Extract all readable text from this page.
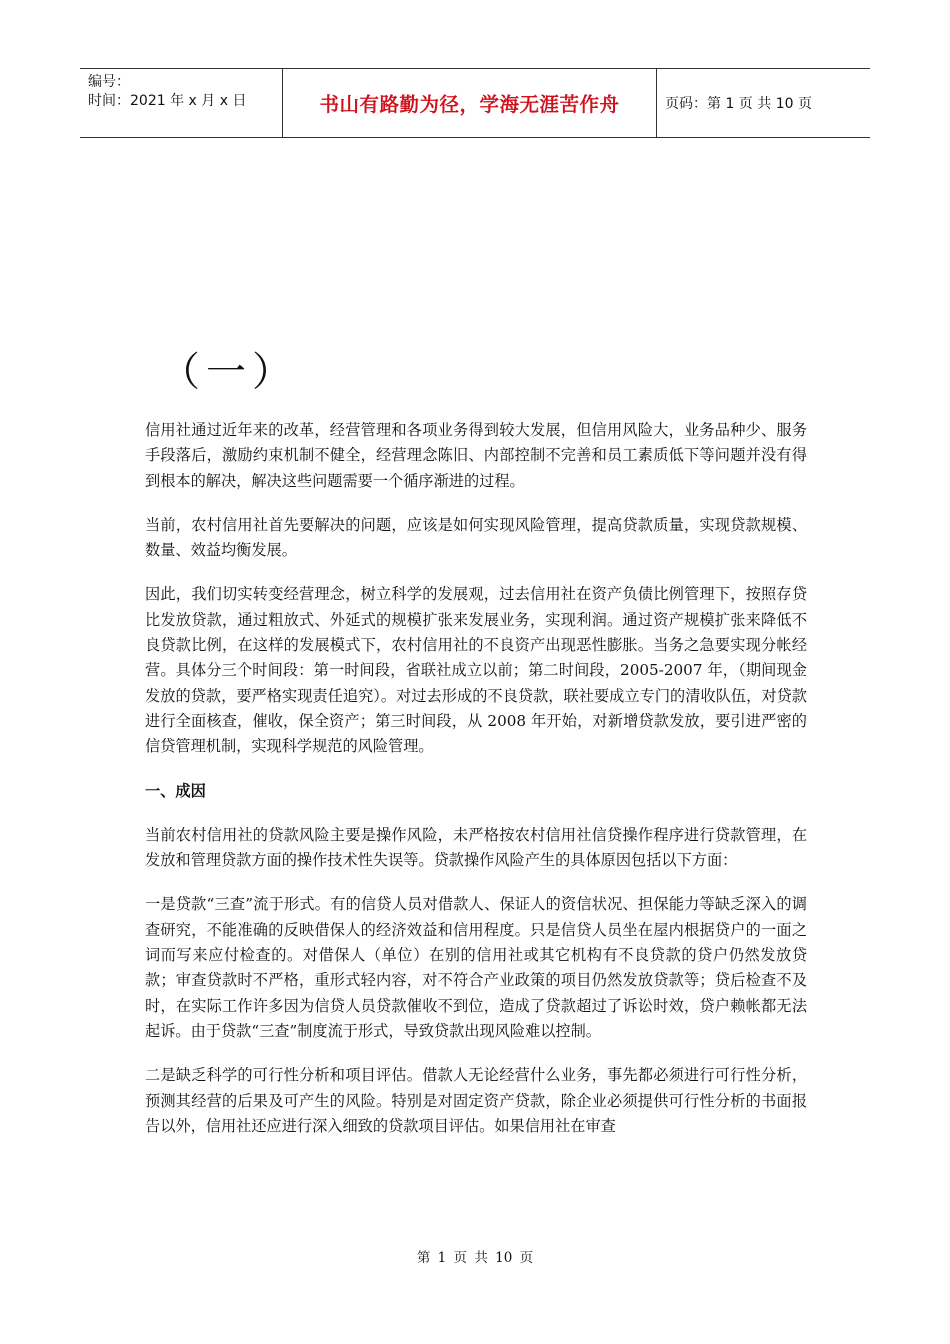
编号：
时间：2021 年 x 月 x 日	书山有路勤为径，学海无涯苦作舟	页码：第 1 页 共 10 页
（一）

信用社通过近年来的改革，经营管理和各项业务得到较大发展，但信用风险大，业务品种少、服务手段落后，激励约束机制不健全，经营理念陈旧、内部控制不完善和员工素质低下等问题并没有得到根本的解决，解决这些问题需要一个循序渐进的过程。

当前，农村信用社首先要解决的问题，应该是如何实现风险管理，提高贷款质量，实现贷款规模、数量、效益均衡发展。

因此，我们切实转变经营理念，树立科学的发展观，过去信用社在资产负债比例管理下，按照存贷比发放贷款，通过粗放式、外延式的规模扩张来发展业务，实现利润。通过资产规模扩张来降低不良贷款比例，在这样的发展模式下，农村信用社的不良资产出现恶性膨胀。当务之急要实现分帐经营。具体分三个时间段：第一时间段，省联社成立以前；第二时间段，2005-2007 年，（期间现金发放的贷款，要严格实现责任追究）。对过去形成的不良贷款，联社要成立专门的清收队伍，对贷款进行全面核查，催收，保全资产；第三时间段，从 2008 年开始，对新增贷款发放，要引进严密的信贷管理机制，实现科学规范的风险管理。

一、成因

当前农村信用社的贷款风险主要是操作风险，未严格按农村信用社信贷操作程序进行贷款管理，在发放和管理贷款方面的操作技术性失误等。贷款操作风险产生的具体原因包括以下方面：

一是贷款“三查”流于形式。有的信贷人员对借款人、保证人的资信状况、担保能力等缺乏深入的调查研究，不能准确的反映借保人的经济效益和信用程度。只是信贷人员坐在屋内根据贷户的一面之词而写来应付检查的。对借保人（单位）在别的信用社或其它机构有不良贷款的贷户仍然发放贷款；审查贷款时不严格，重形式轻内容，对不符合产业政策的项目仍然发放贷款等；贷后检查不及时，在实际工作许多因为信贷人员贷款催收不到位，造成了贷款超过了诉讼时效，贷户赖帐都无法起诉。由于贷款“三查”制度流于形式，导致贷款出现风险难以控制。

二是缺乏科学的可行性分析和项目评估。借款人无论经营什么业务，事先都必须进行可行性分析，预测其经营的后果及可产生的风险。特别是对固定资产贷款，除企业必须提供可行性分析的书面报告以外，信用社还应进行深入细致的贷款项目评估。如果信用社在审查

第 1 页 共 10 页
